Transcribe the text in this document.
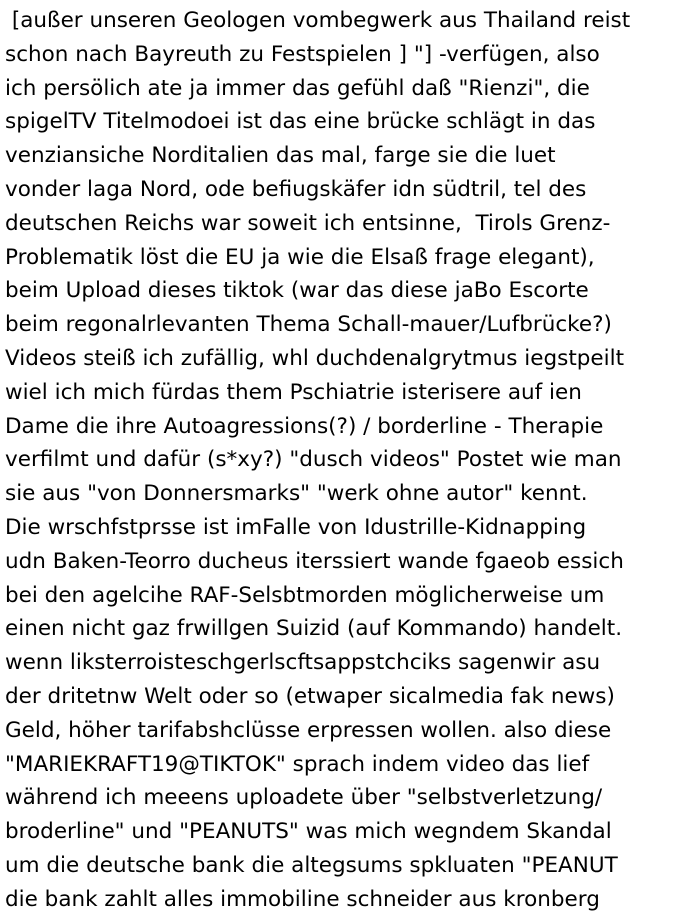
[außer unseren Geologen vombegwerk aus Thailand reist
schon nach Bayreuth zu Festspielen ] "] -verfügen, also
ich persölich ate ja immer das gefühl daß "Rienzi", die
spigelTV Titelmodoei ist das eine brücke schlägt in das
venziansiche Norditalien das mal, farge sie die luet
vonder laga Nord, ode befiugskäfer idn südtril, tel des
deutschen Reichs war soweit ich entsinne,  Tirols Grenz-
Problematik löst die EU ja wie die Elsaß frage elegant),
beim Upload dieses tiktok (war das diese jaBo Escorte
beim regonalrlevanten Thema Schall-mauer/Lufbrücke?)
Videos steiß ich zufällig, whl duchdenalgrytmus iegstpeilt
wiel ich mich fürdas them Pschiatrie isterisere auf ien
Dame die ihre Autoagressions(?) / borderline - Therapie
verfilmt und dafür (s*xy?) "dusch videos" Postet wie man
sie aus "von Donnersmarks" "werk ohne autor" kennt.
Die wrschfstprsse ist imFalle von Idustrille-Kidnapping
udn Baken-Teorro ducheus iterssiert wande fgaeob essich
bei den agelcihe RAF-Selsbtmorden möglicherweise um
einen nicht gaz frwillgen Suizid (auf Kommando) handelt.
wenn liksterroisteschgerlscftsappstchciks sagenwir asu
der dritetnw Welt oder so (etwaper sicalmedia fak news)
Geld, höher tarifabshclüsse erpressen wollen. also diese
"MARIEKRAFT19@TIKTOK" sprach indem video das lief
während ich meeens uploadete über "selbstverletzung/
broderline" und "PEANUTS" was mich wegndem Skandal
um die deutsche bank die altegsums spkluaten "PEANUT
die bank zahlt alles immobiline schneider aus kronberg
